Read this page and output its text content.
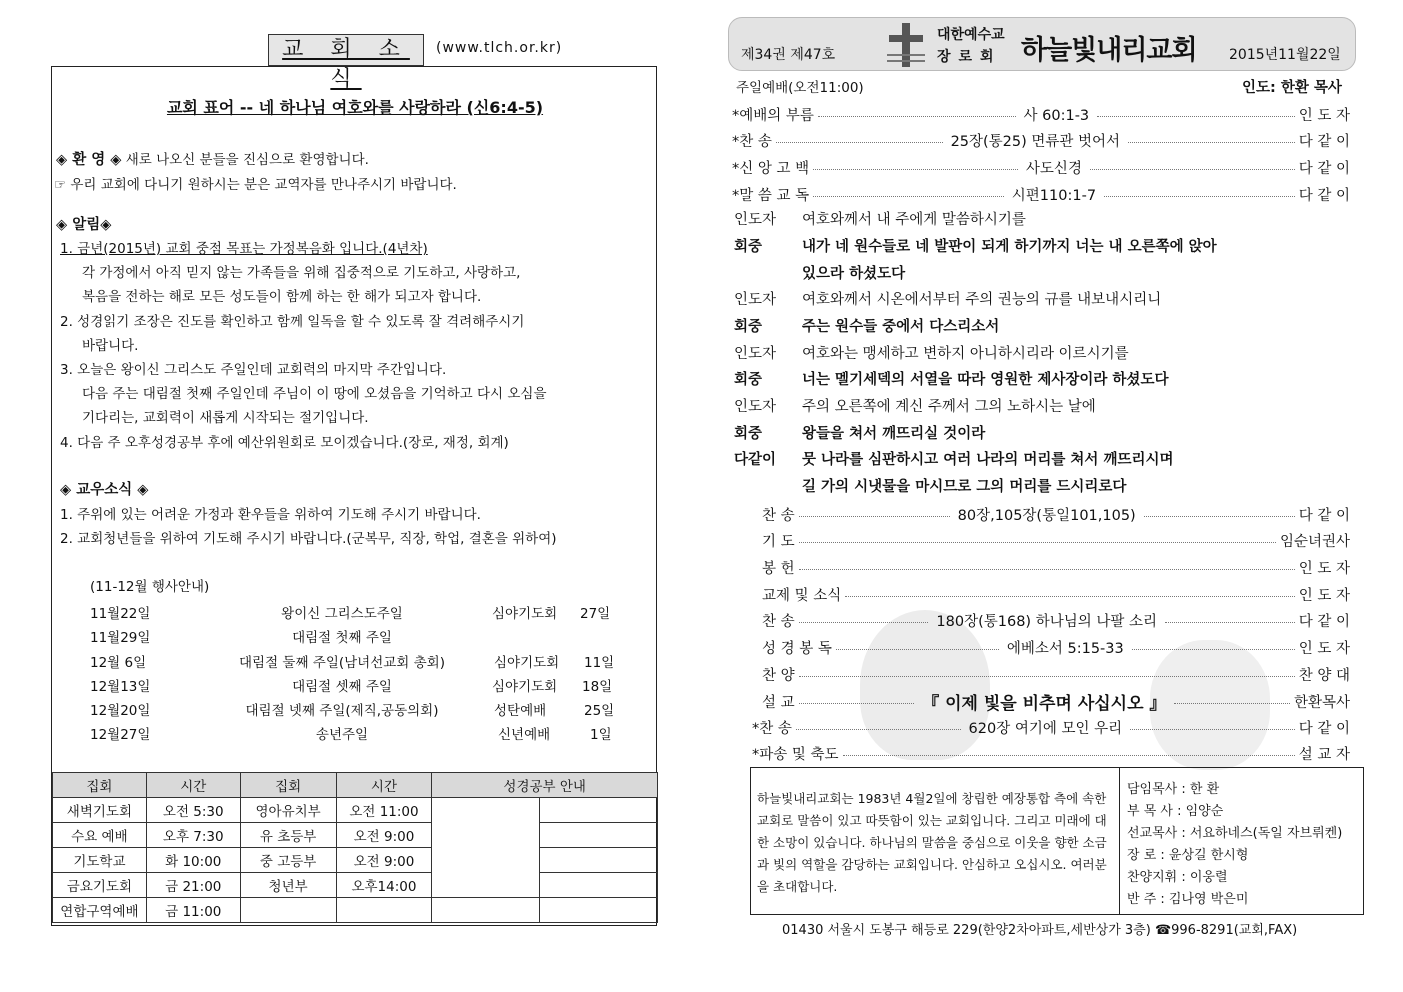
교 회 소 식
(www.tlch.or.kr)
교회 표어 -- 네 하나님 여호와를 사랑하라 (신6:4-5)
◈ 환 영 ◈ 새로 나오신 분들을 진심으로 환영합니다.
☞ 우리 교회에 다니기 원하시는 분은 교역자를 만나주시기 바랍니다.
◈ 알림◈
1. 금년(2015년) 교회 중점 목표는 가정복음화 입니다.(4년차)
각 가정에서 아직 믿지 않는 가족들을 위해 집중적으로 기도하고, 사랑하고,
복음을 전하는 해로 모든 성도들이 함께 하는 한 해가 되고자 합니다.
2. 성경읽기 조장은 진도를 확인하고 함께 일독을 할 수 있도록 잘 격려해주시기
바랍니다.
3. 오늘은 왕이신 그리스도 주일인데 교회력의 마지막 주간입니다.
다음 주는 대림절 첫째 주일인데 주님이 이 땅에 오셨음을 기억하고 다시 오심을
기다리는, 교회력이 새롭게 시작되는 절기입니다.
4. 다음 주 오후성경공부 후에 예산위원회로 모이겠습니다.(장로, 재정, 회계)
◈ 교우소식 ◈
1. 주위에 있는 어려운 가정과 환우들을 위하여 기도해 주시기 바랍니다.
2. 교회청년들을 위하여 기도해 주시기 바랍니다.(군복무, 직장, 학업, 결혼을 위하여)
(11-12월 행사안내)
11월22일	왕이신 그리스도주일	심야기도회 27일
11월29일	대림절 첫째 주일
12월 6일	대림절 둘째 주일(남녀선교회 총회)	심야기도회 11일
12월13일	대림절 셋째 주일	심야기도회 18일
12월20일	대림절 넷째 주일(제직,공동의회)	성탄예배	25일
12월27일	송년주일	신년예배	1일
집회	시간	집회	시간	성경공부 안내	
새벽기도회	오전 5:30	영아유치부	오전 11:00		
수요 예배	오후 7:30	유 초등부	오전 9:00		
기도학교	화 10:00	중 고등부	오전 9:00		
금요기도회	금 21:00	청년부	오후14:00		
연합구역예배	금 11:00				
제34권 제47호
대한예수교
장로회 하늘빛내리교회 2015년11월22일
주일예배(오전11:00)	인도: 한환 목사
*예배의 부름	사 60:1-3	인 도 자
*찬 송	25장(통25) 면류관 벗어서	다 같 이
*신 앙 고 백	사도신경	다 같 이
*말 씀 교 독	시편110:1-7	다 같 이
인도자 여호와께서 내 주에게 말씀하시기를
회중	내가 네 원수들로 네 발판이 되게 하기까지 너는 내 오른쪽에 앉아
있으라 하셨도다
인도자 여호와께서 시온에서부터 주의 권능의 규를 내보내시리니
회중	주는 원수들 중에서 다스리소서
인도자 여호와는 맹세하고 변하지 아니하시리라 이르시기를
회중	너는 멜기세덱의 서열을 따라 영원한 제사장이라 하셨도다
인도자 주의 오른쪽에 계신 주께서 그의 노하시는 날에
회중	왕들을 쳐서 깨뜨리실 것이라
다같이 뭇 나라를 심판하시고 여러 나라의 머리를 쳐서 깨뜨리시며
길 가의 시냇물을 마시므로 그의 머리를 드시리로다
찬 송	80장,105장(통일101,105)	다 같 이
기 도	임순녀권사
봉 헌	인 도 자
교제 및 소식	인 도 자
찬 송	180장(통168) 하나님의 나팔 소리	다 같 이
성 경 봉 독	에베소서 5:15-33	인 도 자
찬 양	찬 양 대
설 교	『 이제 빛을 비추며 사십시오 』	한환목사
*찬 송	620장 여기에 모인 우리	다 같 이
*파송 및 축도	설 교 자
하늘빛내리교회는 1983년 4월2일에 창립한 예장통합 측에 속한 교회로 말씀이 있고 따뜻함이 있는 교회입니다. 그리고 미래에 대한 소망이 있습니다. 하나님의 말씀을 중심으로 이웃을 향한 소금과 빛의 역할을 감당하는 교회입니다. 안심하고 오십시오. 여러분을 초대합니다.
담임목사 : 한 환
부 목 사 : 임양순
선교목사 : 서요하네스(독일 자브뤼켄)
장 로 : 윤상길 한시형
찬양지휘 : 이웅렬
반 주 : 김나영 박은미
01430 서울시 도봉구 해등로 229(한양2차아파트,세반상가 3층) ☎996-8291(교회,FAX)
